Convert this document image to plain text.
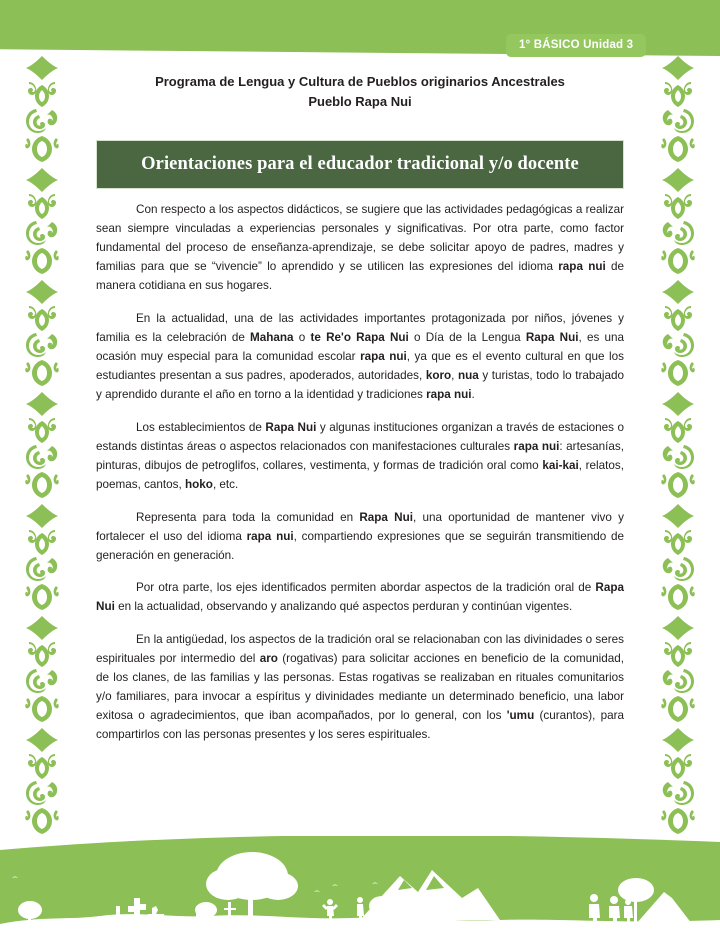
1° BÁSICO Unidad 3
Programa de Lengua y Cultura de Pueblos originarios Ancestrales
Pueblo Rapa Nui
Orientaciones para el educador tradicional y/o docente

Con respecto a los aspectos didácticos, se sugiere que las actividades pedagógicas a realizar sean siempre vinculadas a experiencias personales y significativas. Por otra parte, como factor fundamental del proceso de enseñanza-aprendizaje, se debe solicitar apoyo de padres, madres y familias para que se “vivencie” lo aprendido y se utilicen las expresiones del idioma rapa nui de manera cotidiana en sus hogares.

En la actualidad, una de las actividades importantes protagonizada por niños, jóvenes y familia es la celebración de Mahana o te Re'o Rapa Nui o Día de la Lengua Rapa Nui, es una ocasión muy especial para la comunidad escolar rapa nui, ya que es el evento cultural en que los estudiantes presentan a sus padres, apoderados, autoridades, koro, nua y turistas, todo lo trabajado y aprendido durante el año en torno a la identidad y tradiciones rapa nui.

Los establecimientos de Rapa Nui y algunas instituciones organizan a través de estaciones o estands distintas áreas o aspectos relacionados con manifestaciones culturales rapa nui: artesanías, pinturas, dibujos de petroglifos, collares, vestimenta, y formas de tradición oral como kai-kai, relatos, poemas, cantos, hoko, etc.

Representa para toda la comunidad en Rapa Nui, una oportunidad de mantener vivo y fortalecer el uso del idioma rapa nui, compartiendo expresiones que se seguirán transmitiendo de generación en generación.

Por otra parte, los ejes identificados permiten abordar aspectos de la tradición oral de Rapa Nui en la actualidad, observando y analizando qué aspectos perduran y continúan vigentes.

En la antigüedad, los aspectos de la tradición oral se relacionaban con las divinidades o seres espirituales por intermedio del aro (rogativas) para solicitar acciones en beneficio de la comunidad, de los clanes, de las familias y las personas. Estas rogativas se realizaban en rituales comunitarios y/o familiares, para invocar a espíritus y divinidades mediante un determinado beneficio, una labor exitosa o agradecimientos, que iban acompañados, por lo general, con los 'umu (curantos), para compartirlos con las personas presentes y los seres espirituales.
